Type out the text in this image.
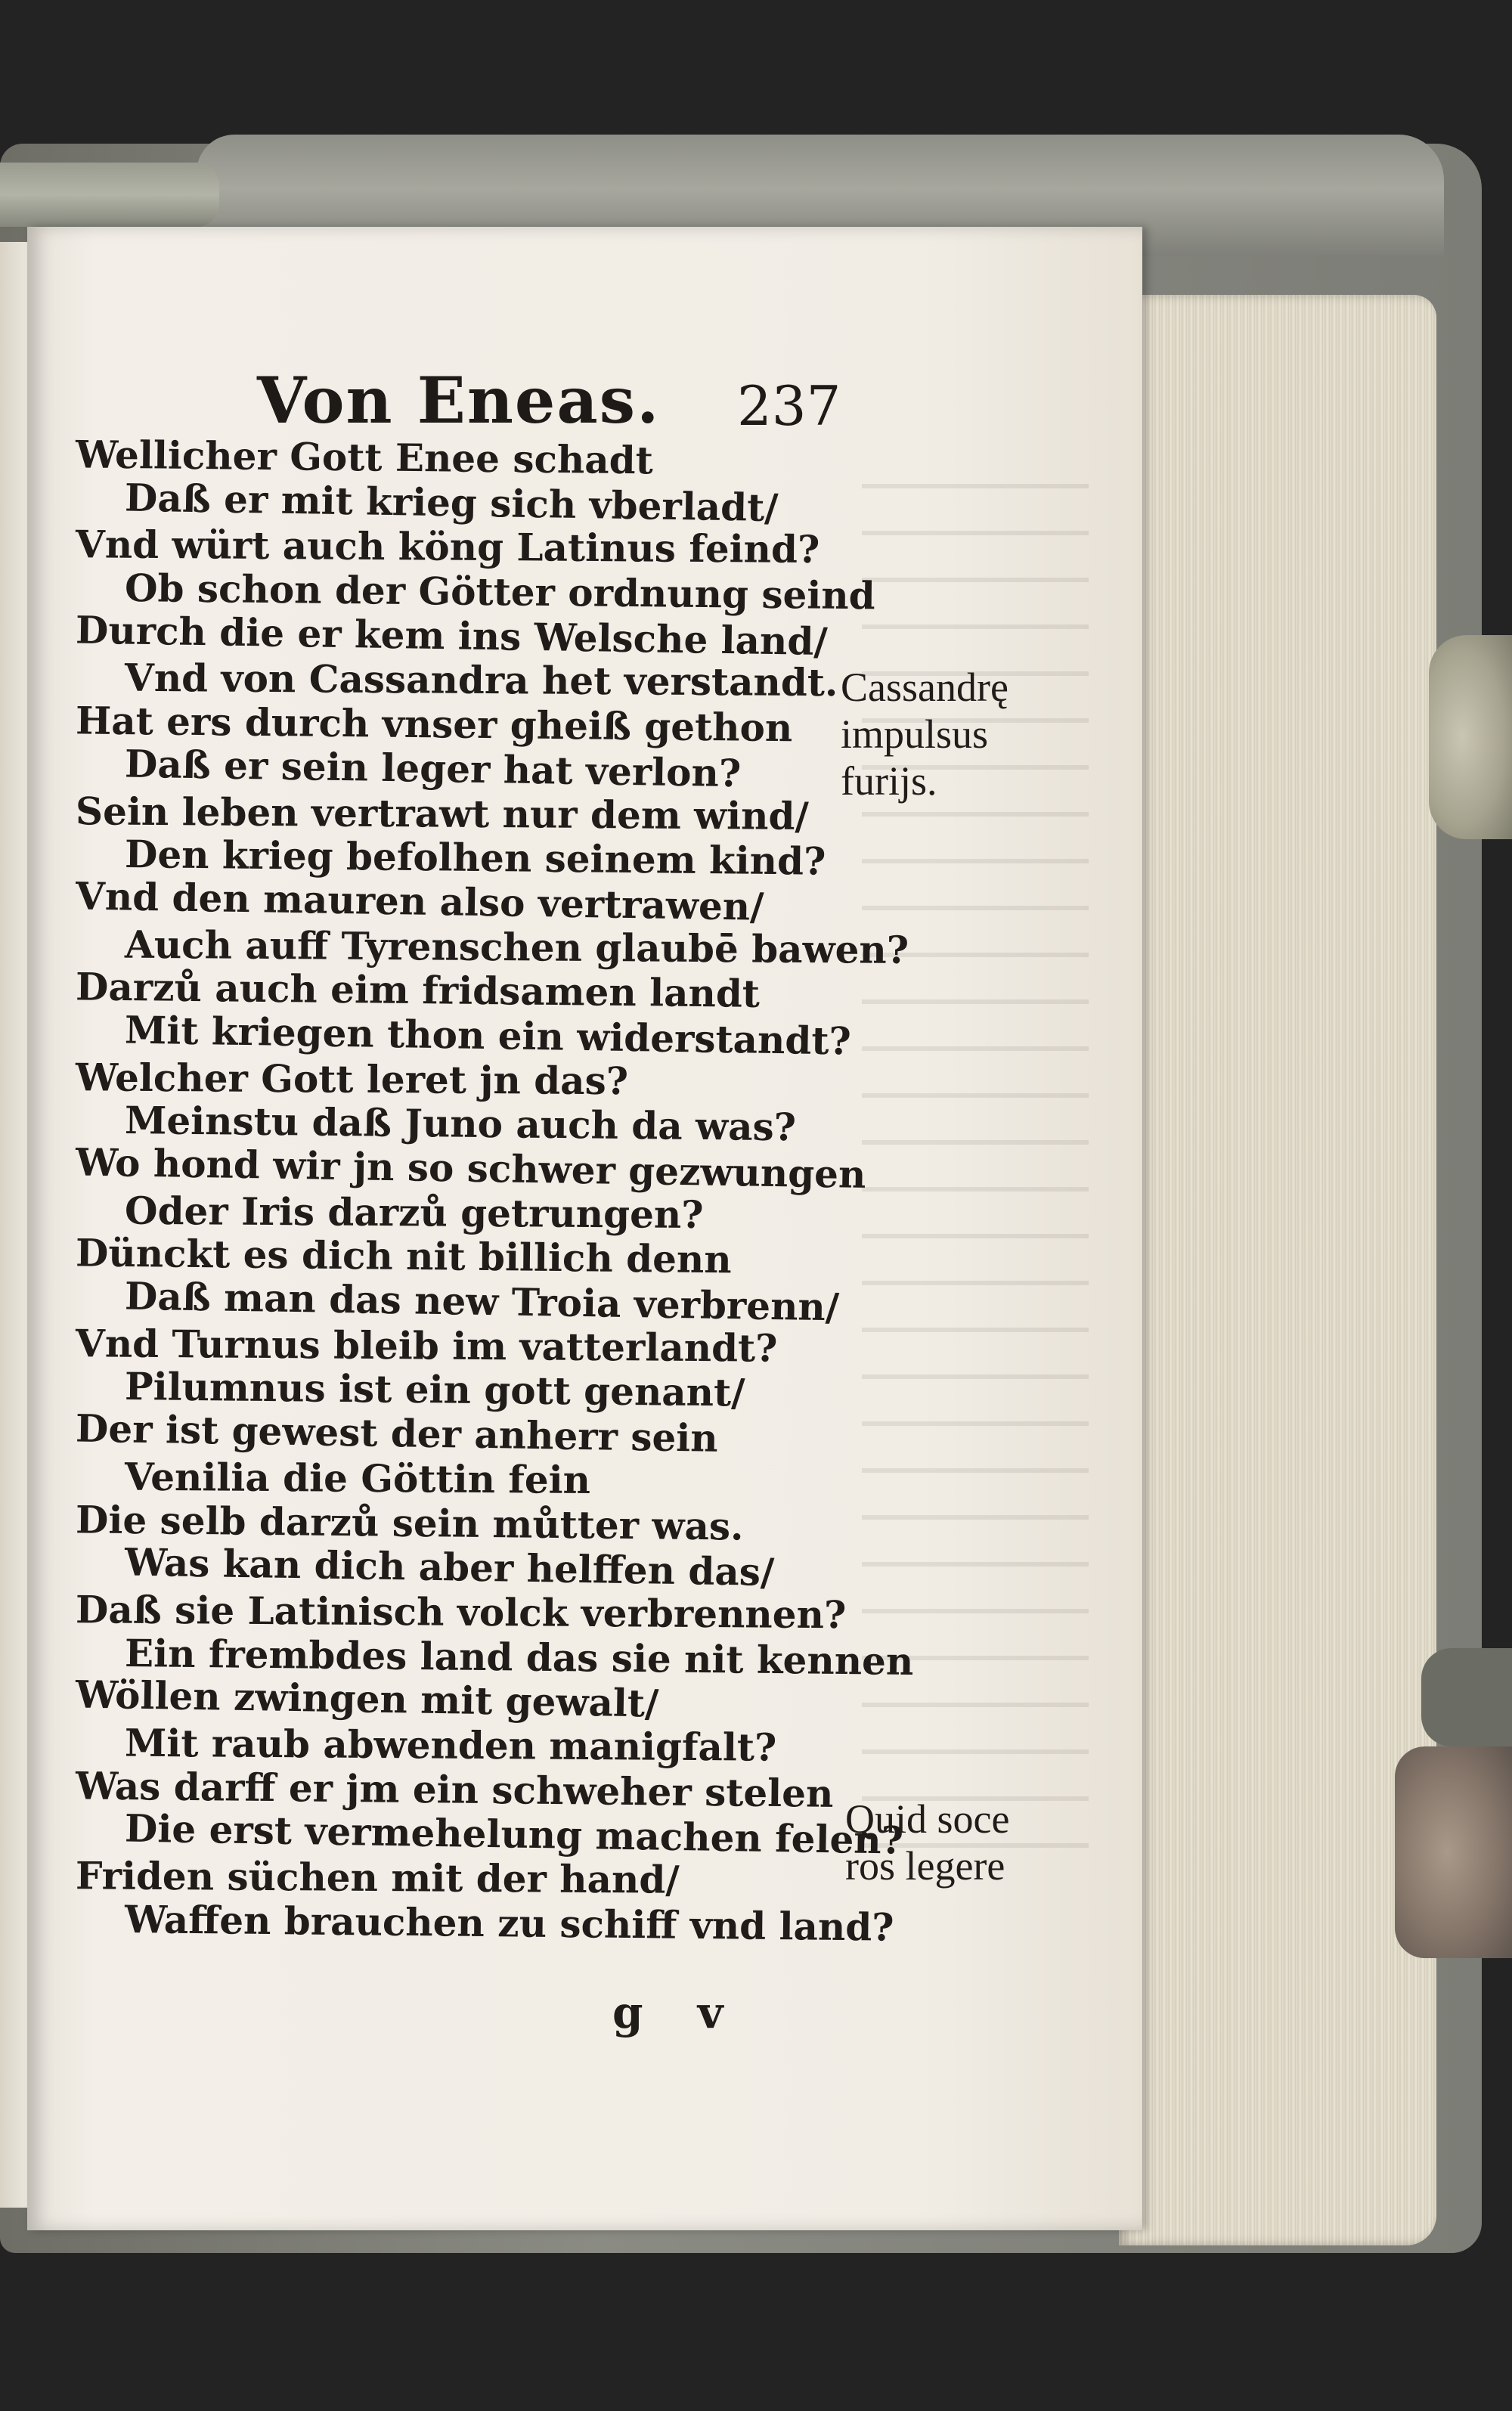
Von Eneas. 237
Wellicher Gott Enee schadt
Daß er mit krieg sich vberladt/
Vnd würt auch köng Latinus feind?
Ob schon der Götter ordnung seind
Durch die er kem ins Welsche land/
Vnd von Cassandra het verstandt.
Hat ers durch vnser gheiß gethon
Daß er sein leger hat verlon?
Sein leben vertrawt nur dem wind/
Den krieg befolhen seinem kind?
Vnd den mauren also vertrawen/
Auch auff Tyrenschen glaubē bawen?
Darzů auch eim fridsamen landt
Mit kriegen thon ein widerstandt?
Welcher Gott leret jn das?
Meinstu daß Juno auch da was?
Wo hond wir jn so schwer gezwungen
Oder Iris darzů getrungen?
Dünckt es dich nit billich denn
Daß man das new Troia verbrenn/
Vnd Turnus bleib im vatterlandt?
Pilumnus ist ein gott genant/
Der ist gewest der anherr sein
Venilia die Göttin fein
Die selb darzů sein můtter was.
Was kan dich aber helffen das/
Daß sie Latinisch volck verbrennen?
Ein frembdes land das sie nit kennen
Wöllen zwingen mit gewalt/
Mit raub abwenden manigfalt?
Was darff er jm ein schweher stelen
Die erst vermehelung machen felen?
Friden süchen mit der hand/
Waffen brauchen zu schiff vnd land?
Cassandrę
impulsus
furijs.
Quid soce
ros legere
g v
